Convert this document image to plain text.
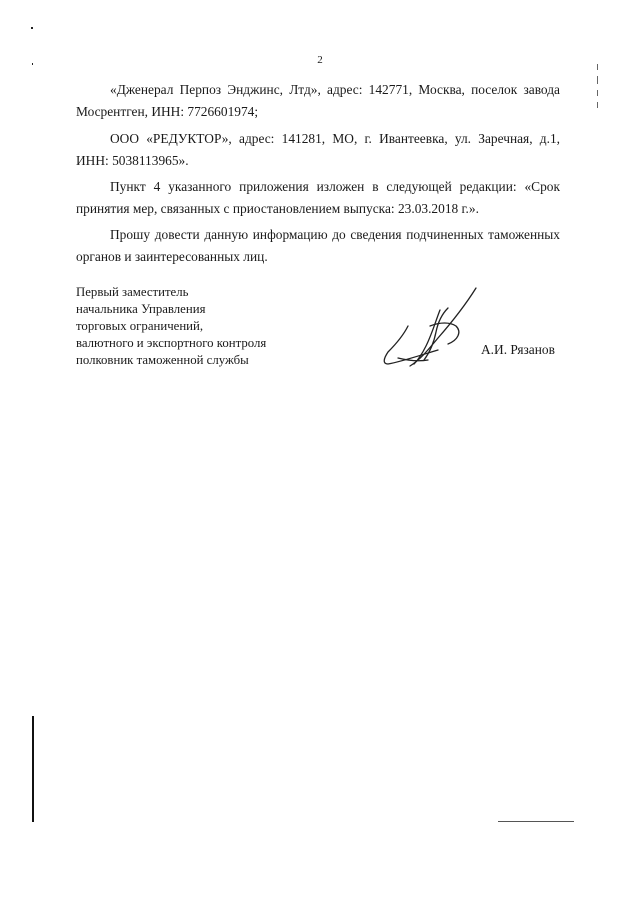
2
«Дженерал Перпоз Энджинс, Лтд», адрес: 142771, Москва, поселок завода Мосрентген, ИНН: 7726601974;
ООО «РЕДУКТОР», адрес: 141281, МО, г. Ивантеевка, ул. Заречная, д.1, ИНН: 5038113965».
Пункт 4 указанного приложения изложен в следующей редакции: «Срок принятия мер, связанных с приостановлением выпуска: 23.03.2018 г.».
Прошу довести данную информацию до сведения подчиненных таможенных органов и заинтересованных лиц.
Первый заместитель
начальника Управления
торговых ограничений,
валютного и экспортного контроля
полковник таможенной службы
А.И. Рязанов
